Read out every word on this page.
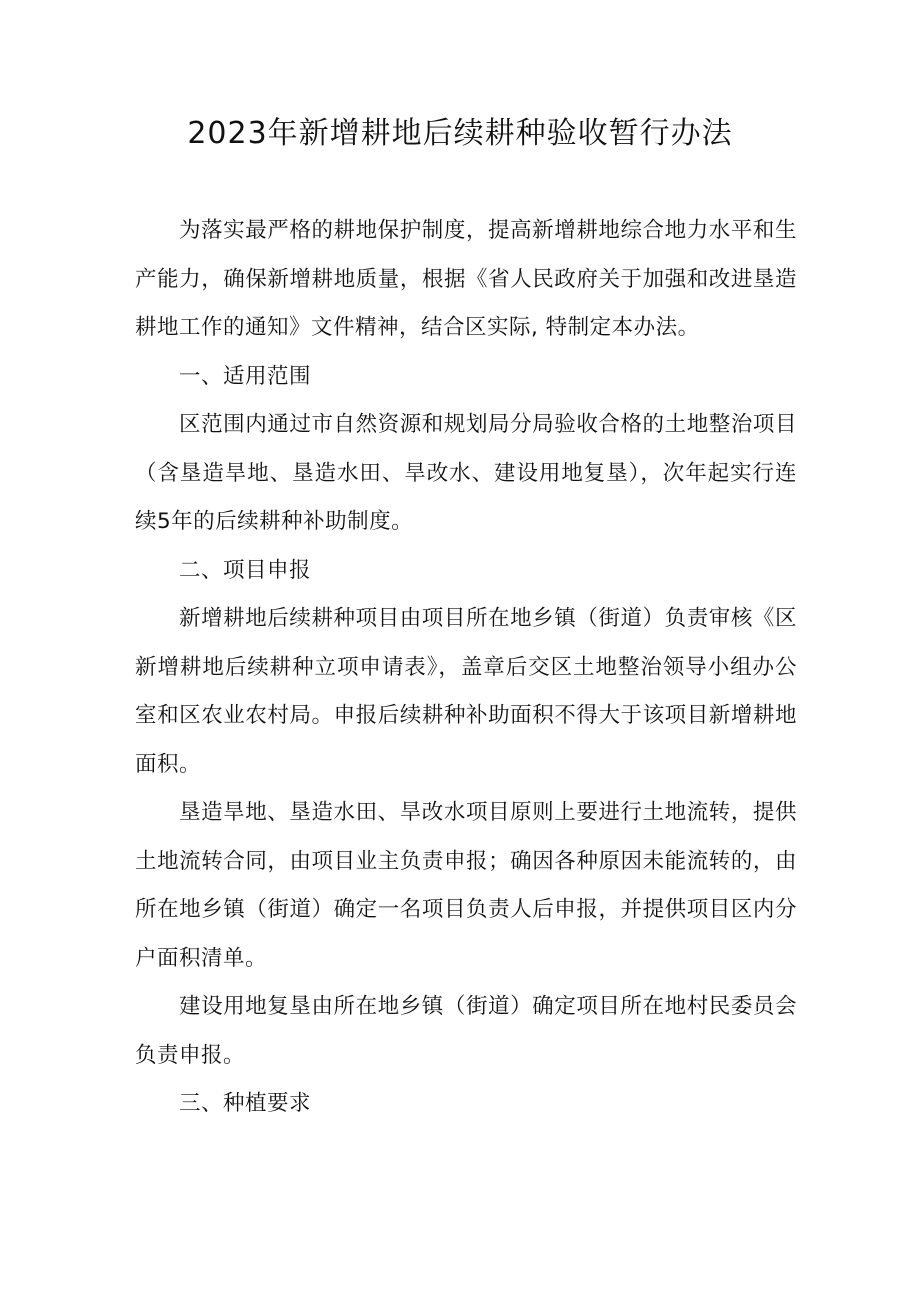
2023年新增耕地后续耕种验收暂行办法

为落实最严格的耕地保护制度，提高新增耕地综合地力水平和生产能力，确保新增耕地质量，根据《省人民政府关于加强和改进垦造耕地工作的通知》文件精神，结合区实际, 特制定本办法。

一、适用范围

区范围内通过市自然资源和规划局分局验收合格的土地整治项目（含垦造旱地、垦造水田、旱改水、建设用地复垦），次年起实行连续5年的后续耕种补助制度。

二、项目申报

新增耕地后续耕种项目由项目所在地乡镇（街道）负责审核《区新增耕地后续耕种立项申请表》，盖章后交区土地整治领导小组办公室和区农业农村局。申报后续耕种补助面积不得大于该项目新增耕地面积。

垦造旱地、垦造水田、旱改水项目原则上要进行土地流转，提供土地流转合同，由项目业主负责申报；确因各种原因未能流转的，由所在地乡镇（街道）确定一名项目负责人后申报，并提供项目区内分户面积清单。

建设用地复垦由所在地乡镇（街道）确定项目所在地村民委员会负责申报。

三、种植要求
